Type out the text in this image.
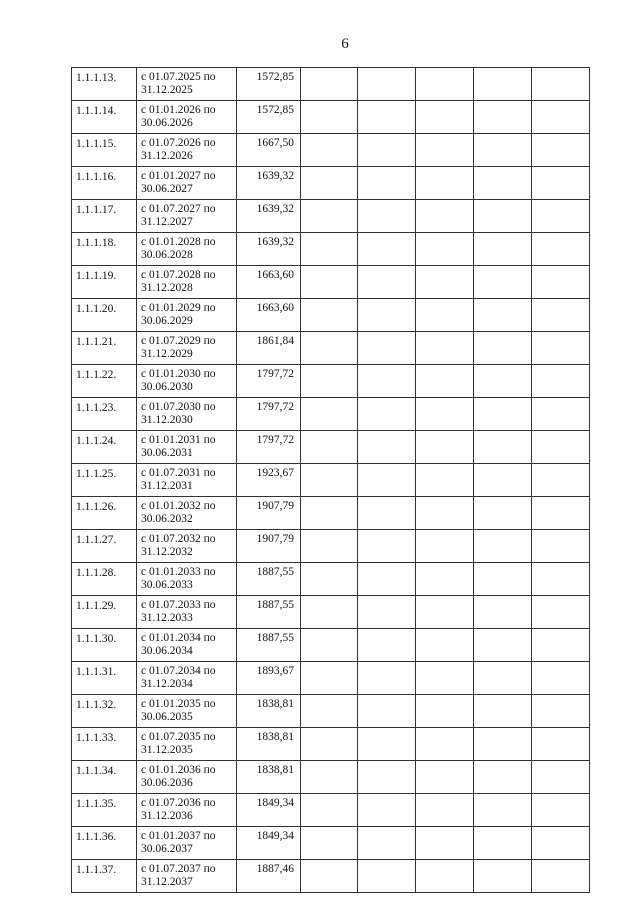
6
1.1.1.13.	с 01.07.2025 по
31.12.2025	1572,85					
1.1.1.14.	с 01.01.2026 по
30.06.2026	1572,85					
1.1.1.15.	с 01.07.2026 по
31.12.2026	1667,50					
1.1.1.16.	с 01.01.2027 по
30.06.2027	1639,32					
1.1.1.17.	с 01.07.2027 по
31.12.2027	1639,32					
1.1.1.18.	с 01.01.2028 по
30.06.2028	1639,32					
1.1.1.19.	с 01.07.2028 по
31.12.2028	1663,60					
1.1.1.20.	с 01.01.2029 по
30.06.2029	1663,60					
1.1.1.21.	с 01.07.2029 по
31.12.2029	1861,84					
1.1.1.22.	с 01.01.2030 по
30.06.2030	1797,72					
1.1.1.23.	с 01.07.2030 по
31.12.2030	1797,72					
1.1.1.24.	с 01.01.2031 по
30.06.2031	1797,72					
1.1.1.25.	с 01.07.2031 по
31.12.2031	1923,67					
1.1.1.26.	с 01.01.2032 по
30.06.2032	1907,79					
1.1.1.27.	с 01.07.2032 по
31.12.2032	1907,79					
1.1.1.28.	с 01.01.2033 по
30.06.2033	1887,55					
1.1.1.29.	с 01.07.2033 по
31.12.2033	1887,55					
1.1.1.30.	с 01.01.2034 по
30.06.2034	1887,55					
1.1.1.31.	с 01.07.2034 по
31.12.2034	1893,67					
1.1.1.32.	с 01.01.2035 по
30.06.2035	1838,81					
1.1.1.33.	с 01.07.2035 по
31.12.2035	1838,81					
1.1.1.34.	с 01.01.2036 по
30.06.2036	1838,81					
1.1.1.35.	с 01.07.2036 по
31.12.2036	1849,34					
1.1.1.36.	с 01.01.2037 по
30.06.2037	1849,34					
1.1.1.37.	с 01.07.2037 по
31.12.2037	1887,46					
